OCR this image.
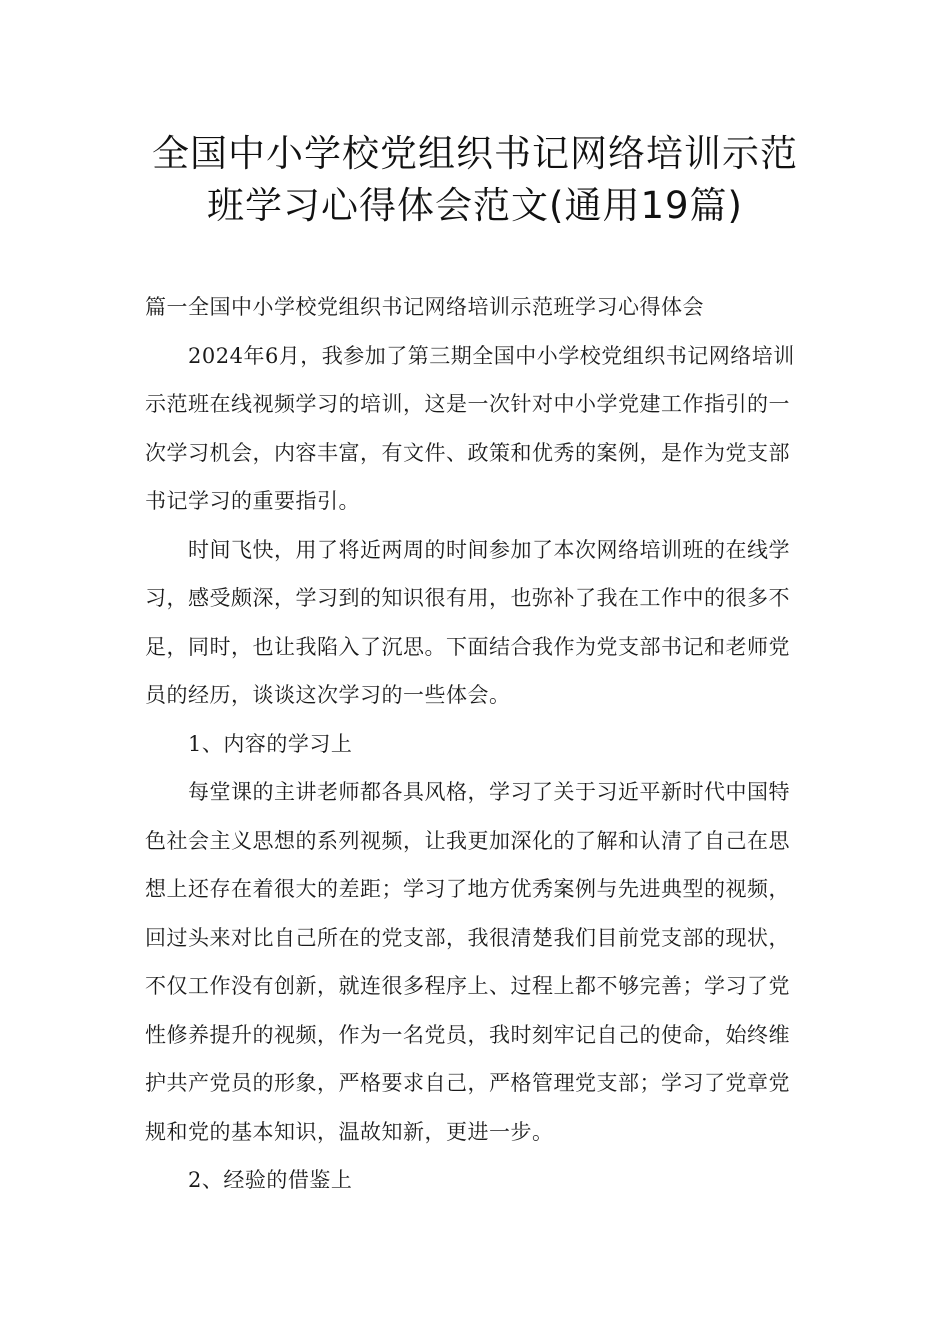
全国中小学校党组织书记网络培训示范
班学习心得体会范文(通用19篇)

篇一全国中小学校党组织书记网络培训示范班学习心得体会

2024年6月，我参加了第三期全国中小学校党组织书记网络培训示范班在线视频学习的培训，这是一次针对中小学党建工作指引的一次学习机会，内容丰富，有文件、政策和优秀的案例，是作为党支部书记学习的重要指引。

时间飞快，用了将近两周的时间参加了本次网络培训班的在线学习，感受颇深，学习到的知识很有用，也弥补了我在工作中的很多不足，同时，也让我陷入了沉思。下面结合我作为党支部书记和老师党员的经历，谈谈这次学习的一些体会。

1、内容的学习上

每堂课的主讲老师都各具风格，学习了关于习近平新时代中国特色社会主义思想的系列视频，让我更加深化的了解和认清了自己在思想上还存在着很大的差距；学习了地方优秀案例与先进典型的视频，回过头来对比自己所在的党支部，我很清楚我们目前党支部的现状，不仅工作没有创新，就连很多程序上、过程上都不够完善；学习了党性修养提升的视频，作为一名党员，我时刻牢记自己的使命，始终维护共产党员的形象，严格要求自己，严格管理党支部；学习了党章党规和党的基本知识，温故知新，更进一步。

2、经验的借鉴上
